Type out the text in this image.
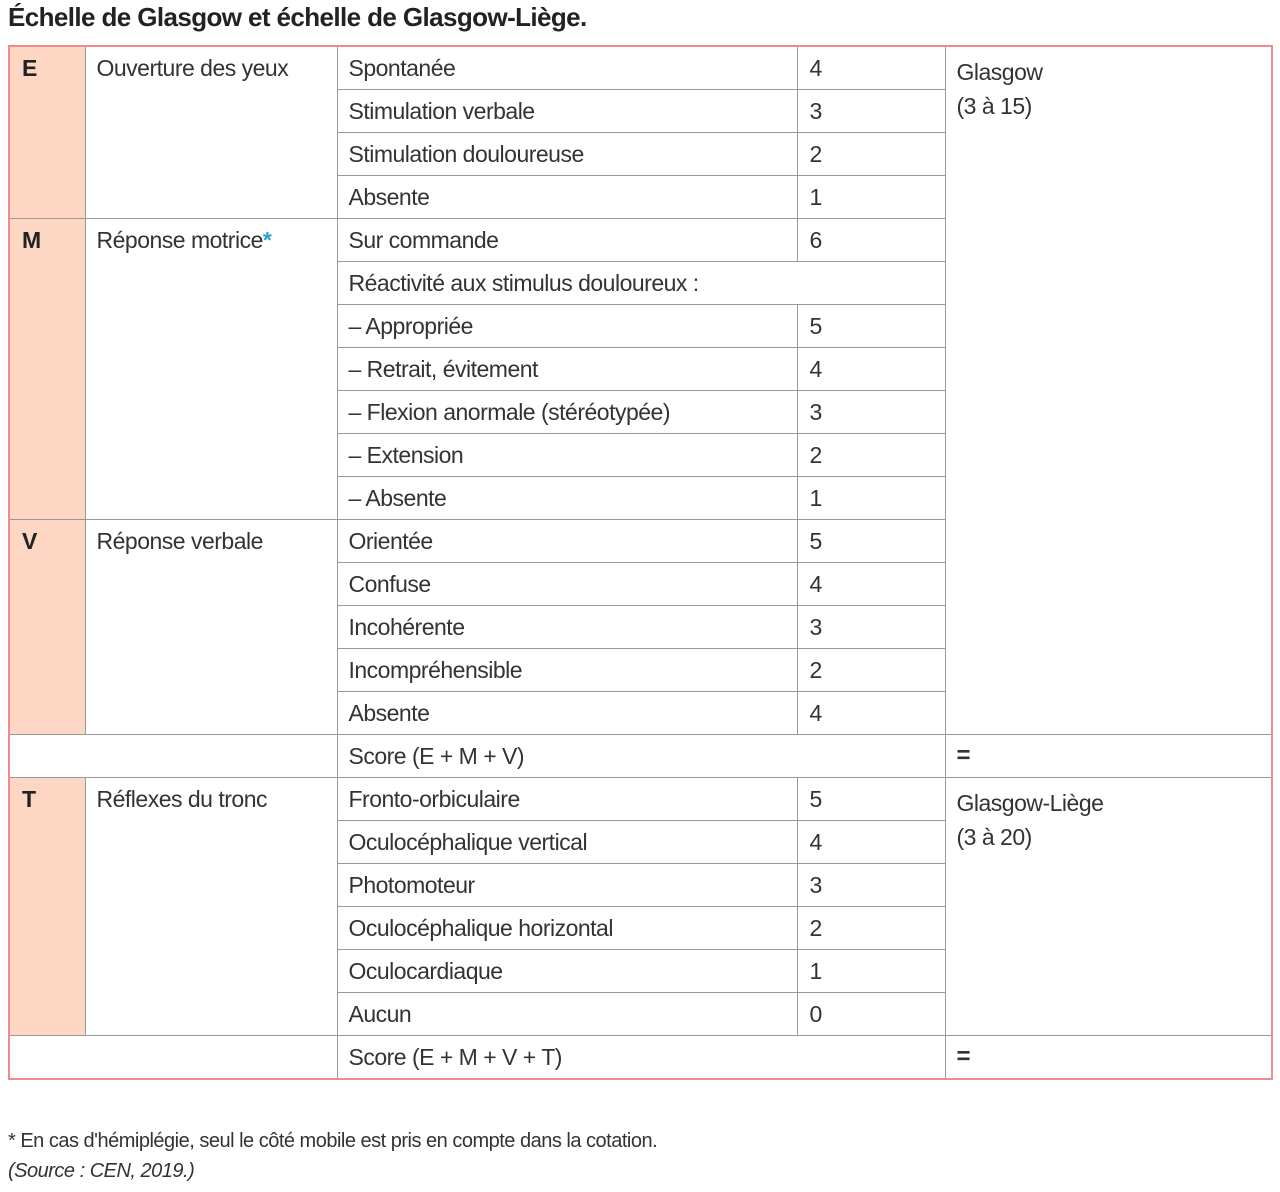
Échelle de Glasgow et échelle de Glasgow-Liège.
E	Ouverture des yeux	Spontanée	4	Glasgow
(3 à 15)
		Stimulation verbale	3	
		Stimulation douloureuse	2	
		Absente	1	
M	Réponse motrice*	Sur commande	6	
		Réactivité aux stimulus douloureux :		
		– Appropriée	5	
		– Retrait, évitement	4	
		– Flexion anormale (stéréotypée)	3	
		– Extension	2	
		– Absente	1	
V	Réponse verbale	Orientée	5	
		Confuse	4	
		Incohérente	3	
		Incompréhensible	2	
		Absente	4	
		Score (E + M + V)		=
T	Réflexes du tronc	Fronto-orbiculaire	5	Glasgow-Liège
(3 à 20)
		Oculocéphalique vertical	4	
		Photomoteur	3	
		Oculocéphalique horizontal	2	
		Oculocardiaque	1	
		Aucun	0	
		Score (E + M + V + T)		=
* En cas d'hémiplégie, seul le côté mobile est pris en compte dans la cotation.
(Source : CEN, 2019.)
